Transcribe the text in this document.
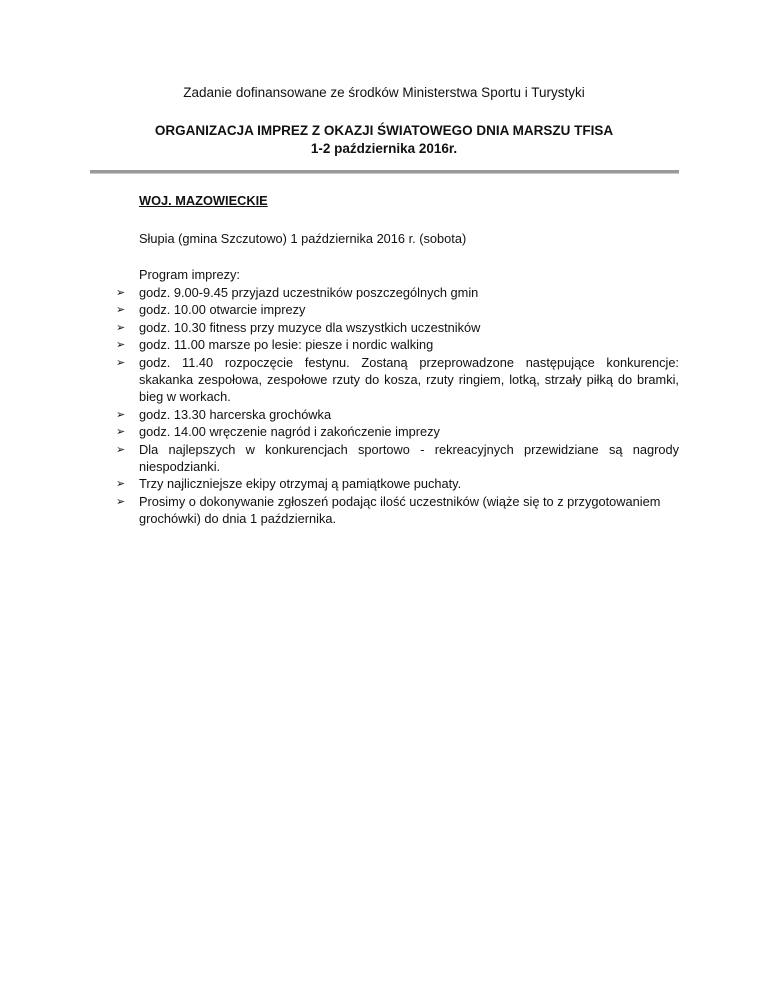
Zadanie dofinansowane ze środków Ministerstwa Sportu i Turystyki
ORGANIZACJA IMPREZ Z OKAZJI ŚWIATOWEGO DNIA MARSZU TFISA
1-2 października 2016r.
WOJ. MAZOWIECKIE
Słupia (gmina Szczutowo) 1 października 2016 r. (sobota)
Program imprezy:
➢ godz. 9.00-9.45 przyjazd uczestników poszczególnych gmin
➢ godz. 10.00 otwarcie imprezy
➢ godz. 10.30 fitness przy muzyce dla wszystkich uczestników
➢ godz. 11.00 marsze po lesie: piesze i nordic walking
➢ godz. 11.40 rozpoczęcie festynu. Zostaną przeprowadzone następujące konkurencje: skakanka zespołowa, zespołowe rzuty do kosza, rzuty ringiem, lotką, strzały piłką do bramki, bieg w workach.
➢ godz. 13.30 harcerska grochówka
➢ godz. 14.00 wręczenie nagród i zakończenie imprezy
➢ Dla najlepszych w konkurencjach sportowo - rekreacyjnych przewidziane są nagrody niespodzianki.
➢ Trzy najliczniejsze ekipy otrzymaj ą pamiątkowe puchaty.
➢ Prosimy o dokonywanie zgłoszeń podając ilość uczestników (wiąże się to z przygotowaniem grochówki) do dnia 1 października.
